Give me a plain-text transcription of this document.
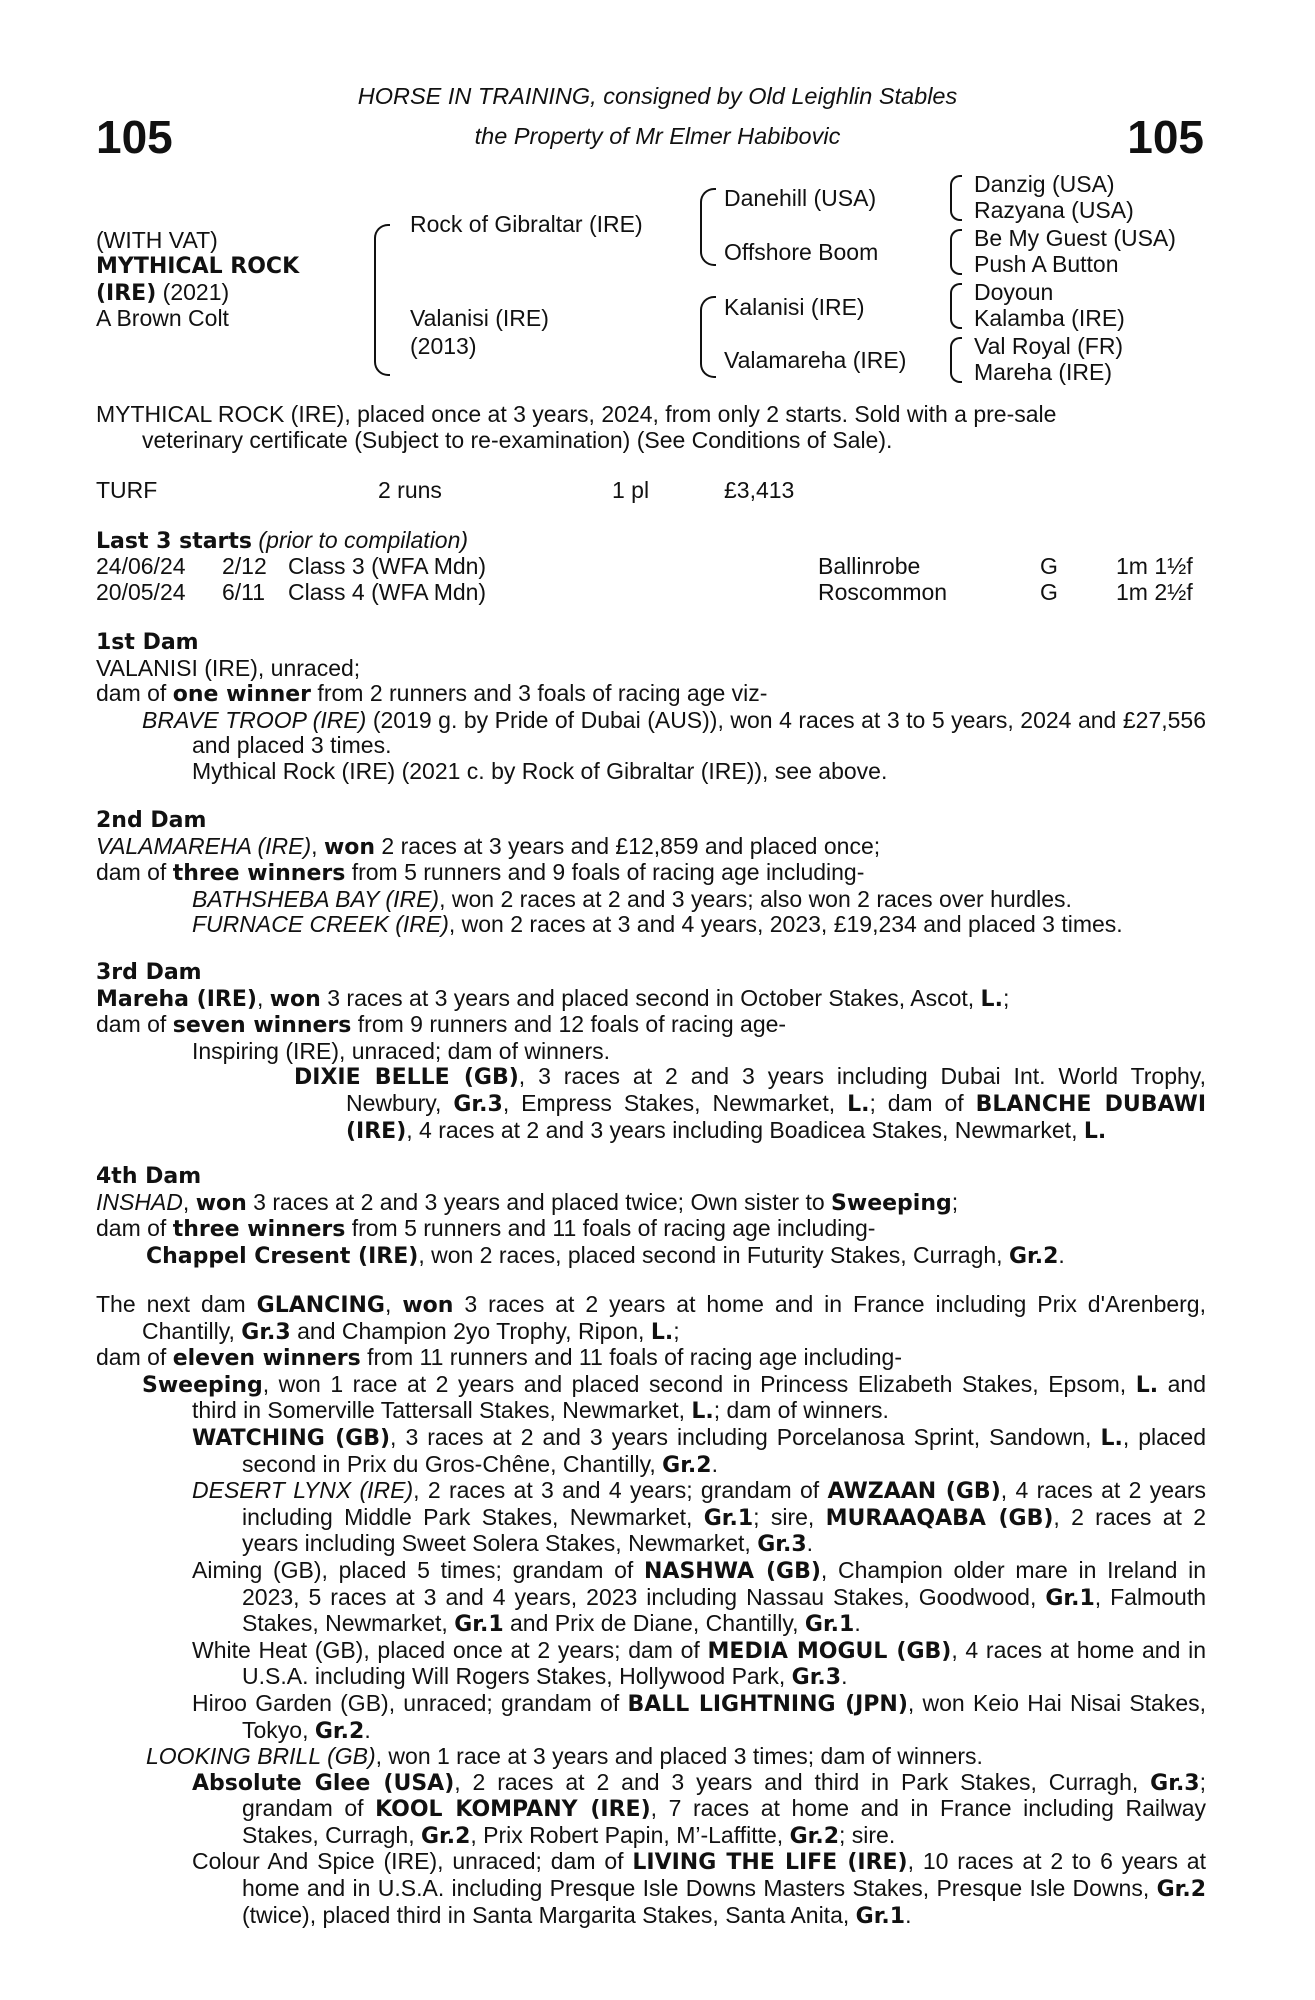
105	105
HORSE IN TRAINING, consigned by Old Leighlin Stables
the Property of Mr Elmer Habibovic
(WITH VAT)
MYTHICAL ROCK
(IRE) (2021)
A Brown Colt
Rock of Gibraltar (IRE)
Valanisi (IRE)
(2013)
Danehill (USA)
Offshore Boom
Kalanisi (IRE)
Valamareha (IRE)
Danzig (USA)
Razyana (USA)
Be My Guest (USA)
Push A Button
Doyoun
Kalamba (IRE)
Val Royal (FR)
Mareha (IRE)
MYTHICAL ROCK (IRE), placed once at 3 years, 2024, from only 2 starts. Sold with a pre-sale
veterinary certificate (Subject to re-examination) (See Conditions of Sale).
TURF	2 runs	1 pl	£3,413
Last 3 starts (prior to compilation)
24/06/24 2/12 Class 3 (WFA Mdn)	Ballinrobe	G	1m 1½f
20/05/24 6/11 Class 4 (WFA Mdn)	Roscommon	G	1m 2½f

1st Dam

VALANISI (IRE), unraced;

dam of one winner from 2 runners and 3 foals of racing age viz-

BRAVE TROOP (IRE) (2019 g. by Pride of Dubai (AUS)), won 4 races at 3 to 5 years, 2024 and £27,556 and placed 3 times.

Mythical Rock (IRE) (2021 c. by Rock of Gibraltar (IRE)), see above.

2nd Dam

VALAMAREHA (IRE), won 2 races at 3 years and £12,859 and placed once;

dam of three winners from 5 runners and 9 foals of racing age including-

BATHSHEBA BAY (IRE), won 2 races at 2 and 3 years; also won 2 races over hurdles.

FURNACE CREEK (IRE), won 2 races at 3 and 4 years, 2023, £19,234 and placed 3 times.

3rd Dam

Mareha (IRE), won 3 races at 3 years and placed second in October Stakes, Ascot, L.;

dam of seven winners from 9 runners and 12 foals of racing age-

Inspiring (IRE), unraced; dam of winners.

DIXIE BELLE (GB), 3 races at 2 and 3 years including Dubai Int. World Trophy, Newbury, Gr.3, Empress Stakes, Newmarket, L.; dam of BLANCHE DUBAWI (IRE), 4 races at 2 and 3 years including Boadicea Stakes, Newmarket, L.

4th Dam

INSHAD, won 3 races at 2 and 3 years and placed twice; Own sister to Sweeping;

dam of three winners from 5 runners and 11 foals of racing age including-

Chappel Cresent (IRE), won 2 races, placed second in Futurity Stakes, Curragh, Gr.2.

The next dam GLANCING, won 3 races at 2 years at home and in France including Prix d'Arenberg, Chantilly, Gr.3 and Champion 2yo Trophy, Ripon, L.;

dam of eleven winners from 11 runners and 11 foals of racing age including-

Sweeping, won 1 race at 2 years and placed second in Princess Elizabeth Stakes, Epsom, L. and third in Somerville Tattersall Stakes, Newmarket, L.; dam of winners.

WATCHING (GB), 3 races at 2 and 3 years including Porcelanosa Sprint, Sandown, L., placed second in Prix du Gros-Chêne, Chantilly, Gr.2.

DESERT LYNX (IRE), 2 races at 3 and 4 years; grandam of AWZAAN (GB), 4 races at 2 years including Middle Park Stakes, Newmarket, Gr.1; sire, MURAAQABA (GB), 2 races at 2 years including Sweet Solera Stakes, Newmarket, Gr.3.

Aiming (GB), placed 5 times; grandam of NASHWA (GB), Champion older mare in Ireland in 2023, 5 races at 3 and 4 years, 2023 including Nassau Stakes, Goodwood, Gr.1, Falmouth Stakes, Newmarket, Gr.1 and Prix de Diane, Chantilly, Gr.1.

White Heat (GB), placed once at 2 years; dam of MEDIA MOGUL (GB), 4 races at home and in U.S.A. including Will Rogers Stakes, Hollywood Park, Gr.3.

Hiroo Garden (GB), unraced; grandam of BALL LIGHTNING (JPN), won Keio Hai Nisai Stakes, Tokyo, Gr.2.

LOOKING BRILL (GB), won 1 race at 3 years and placed 3 times; dam of winners.

Absolute Glee (USA), 2 races at 2 and 3 years and third in Park Stakes, Curragh, Gr.3; grandam of KOOL KOMPANY (IRE), 7 races at home and in France including Railway Stakes, Curragh, Gr.2, Prix Robert Papin, M’-Laffitte, Gr.2; sire.

Colour And Spice (IRE), unraced; dam of LIVING THE LIFE (IRE), 10 races at 2 to 6 years at home and in U.S.A. including Presque Isle Downs Masters Stakes, Presque Isle Downs, Gr.2 (twice), placed third in Santa Margarita Stakes, Santa Anita, Gr.1.
